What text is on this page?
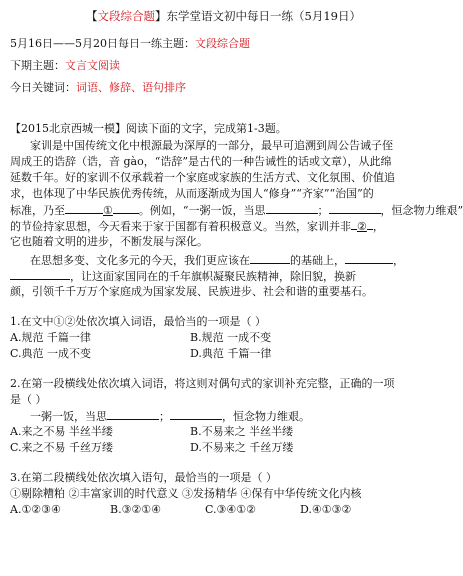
【文段综合题】东学堂语文初中每日一练（5月19日）
5月16日——5月20日每日一练主题：文段综合题
下期主题：文言文阅读
今日关键词：词语、修辞、语句排序
【2015北京西城一模】阅读下面的文字，完成第1-3题。
家训是中国传统文化中根源最为深厚的一部分，最早可追溯到周公告诫子侄
周成王的诰辞（诰，音 gào，“诰辞”是古代的一种告诫性的话或文章），从此绵
延数千年。好的家训不仅承载着一个家庭或家族的生活方式、文化氛围、价值追
求，也体现了中华民族优秀传统，从而逐渐成为国人“修身”“齐家”“治国”的
标准，乃至	① 。例如，“一粥一饭，当思	；	，恒念物力维艰”
的节俭持家思想，今天看来于家于国都有着积极意义。当然，家训并非 ② ，
它也随着文明的进步，不断发展与深化。
在思想多变、文化多元的今天，我们更应该在	的基础上，	，
，让这面家国同在的千年旗帜凝聚民族精神，除旧貌，换新
颜，引领千千万万个家庭成为国家发展、民族进步、社会和谐的重要基石。
1.在文中①②处依次填入词语，最恰当的一项是（ ）
A.规范 千篇一律	B.规范 一成不变
C.典范 一成不变	D.典范 千篇一律
2.在第一段横线处依次填入词语，将这则对偶句式的家训补充完整，正确的一项
是（ ）
一粥一饭，当思	；	，恒念物力维艰。
A.来之不易 半丝半缕	B.不易来之 半丝半缕
C.来之不易 千丝万缕	D.不易来之 千丝万缕
3.在第二段横线处依次填入语句，最恰当的一项是（ ）
①剔除糟粕 ②丰富家训的时代意义 ③发扬精华 ④保有中华传统文化内核
A.①②③④	B.③②①④	C.③④①②	D.④①③②
